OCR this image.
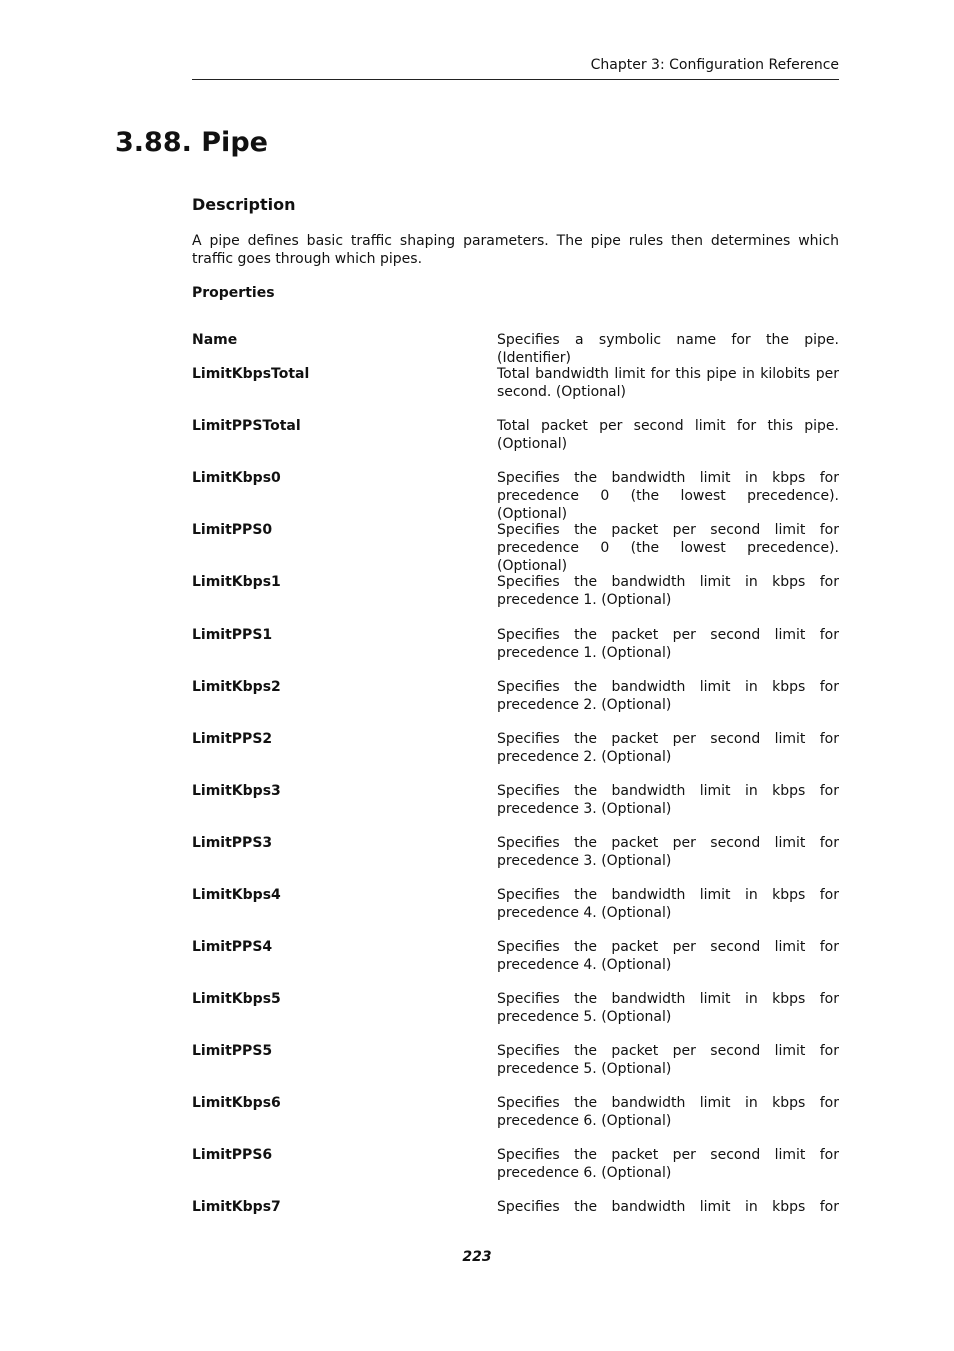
Chapter 3: Configuration Reference
3.88. Pipe
Description

A pipe defines basic traffic shaping parameters. The pipe rules then determines which traffic goes through which pipes.

Properties
Name	Specifies a symbolic name for the pipe. (Identifier)
LimitKbpsTotal	Total bandwidth limit for this pipe in kilobits per second. (Optional)
LimitPPSTotal	Total packet per second limit for this pipe. (Optional)
LimitKbps0	Specifies the bandwidth limit in kbps for precedence 0 (the lowest precedence). (Optional)
LimitPPS0	Specifies the packet per second limit for precedence 0 (the lowest precedence). (Optional)
LimitKbps1	Specifies the bandwidth limit in kbps for precedence 1. (Optional)
LimitPPS1	Specifies the packet per second limit for precedence 1. (Optional)
LimitKbps2	Specifies the bandwidth limit in kbps for precedence 2. (Optional)
LimitPPS2	Specifies the packet per second limit for precedence 2. (Optional)
LimitKbps3	Specifies the bandwidth limit in kbps for precedence 3. (Optional)
LimitPPS3	Specifies the packet per second limit for precedence 3. (Optional)
LimitKbps4	Specifies the bandwidth limit in kbps for precedence 4. (Optional)
LimitPPS4	Specifies the packet per second limit for precedence 4. (Optional)
LimitKbps5	Specifies the bandwidth limit in kbps for precedence 5. (Optional)
LimitPPS5	Specifies the packet per second limit for precedence 5. (Optional)
LimitKbps6	Specifies the bandwidth limit in kbps for precedence 6. (Optional)
LimitPPS6	Specifies the packet per second limit for precedence 6. (Optional)
LimitKbps7	Specifies the bandwidth limit in kbps for
223
